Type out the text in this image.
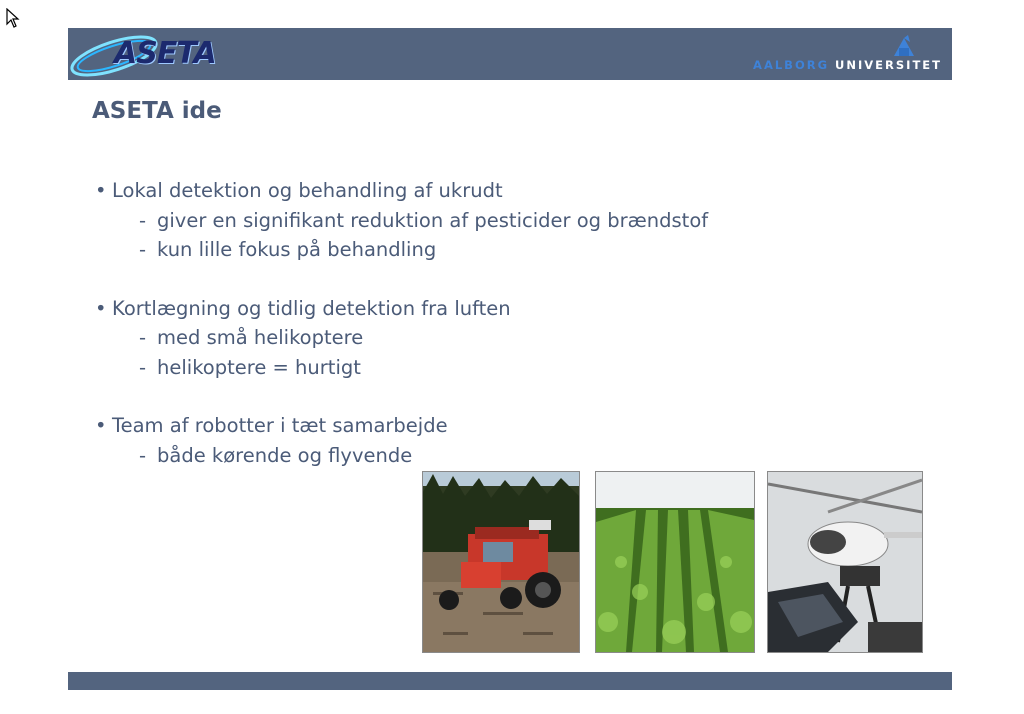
ASETA	AALBORG UNIVERSITET
ASETA ide
• Lokal detektion og behandling af ukrudt
- giver en signifikant reduktion af pesticider og brændstof
- kun lille fokus på behandling
• Kortlægning og tidlig detektion fra luften
- med små helikoptere
- helikoptere = hurtigt
• Team af robotter i tæt samarbejde
- både kørende og flyvende
